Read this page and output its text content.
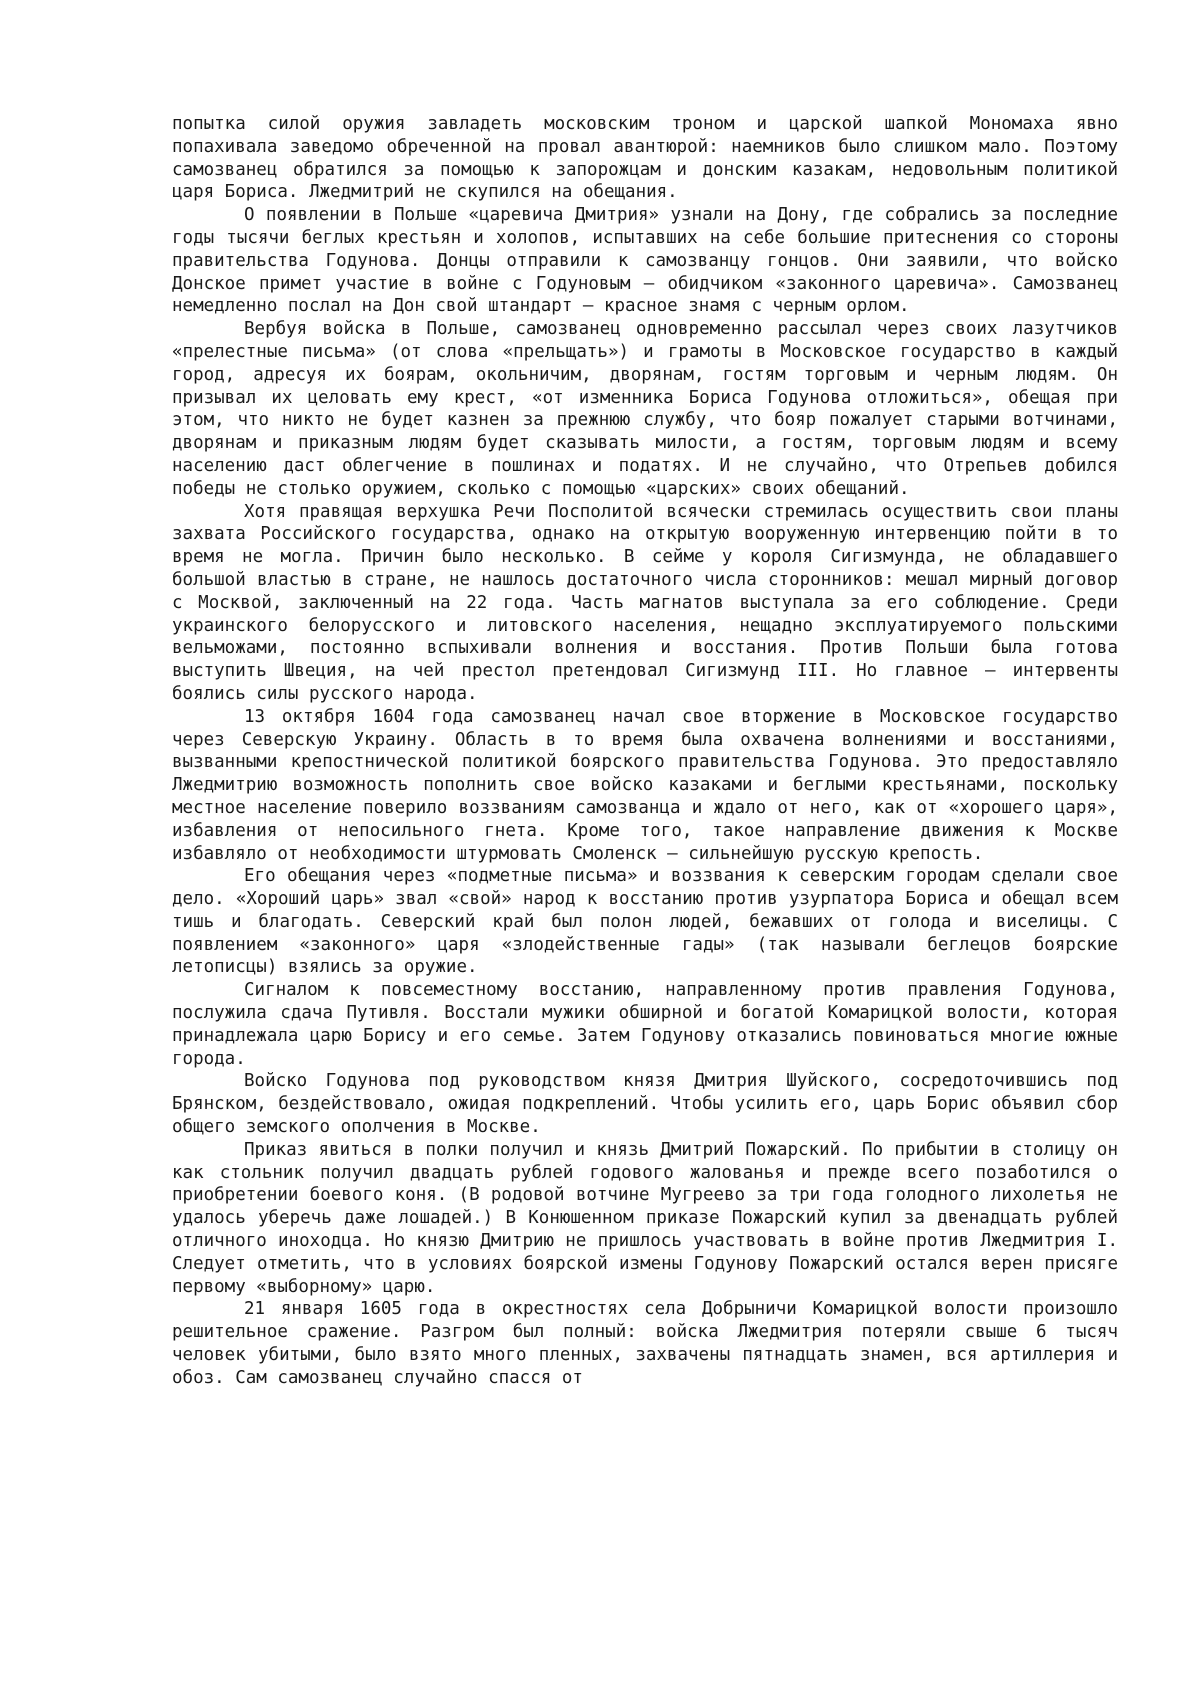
попытка силой оружия завладеть московским троном и царской шапкой Мономаха явно попахивала заведомо обреченной на провал авантюрой: наемников было слишком мало. Поэтому самозванец обратился за помощью к запорожцам и донским казакам, недовольным политикой царя Бориса. Лжедмитрий не скупился на обещания.

О появлении в Польше «царевича Дмитрия» узнали на Дону, где собрались за последние годы тысячи беглых крестьян и холопов, испытавших на себе большие притеснения со стороны правительства Годунова. Донцы отправили к самозванцу гонцов. Они заявили, что войско Донское примет участие в войне с Годуновым — обидчиком «законного царевича». Самозванец немедленно послал на Дон свой штандарт — красное знамя с черным орлом.

Вербуя войска в Польше, самозванец одновременно рассылал через своих лазутчиков «прелестные письма» (от слова «прельщать») и грамоты в Московское государство в каждый город, адресуя их боярам, окольничим, дворянам, гостям торговым и черным людям. Он призывал их целовать ему крест, «от изменника Бориса Годунова отложиться», обещая при этом, что никто не будет казнен за прежнюю службу, что бояр пожалует старыми вотчинами, дворянам и приказным людям будет сказывать милости, а гостям, торговым людям и всему населению даст облегчение в пошлинах и податях. И не случайно, что Отрепьев добился победы не столько оружием, сколько с помощью «царских» своих обещаний.

Хотя правящая верхушка Речи Посполитой всячески стремилась осуществить свои планы захвата Российского государства, однако на открытую вооруженную интервенцию пойти в то время не могла. Причин было несколько. В сейме у короля Сигизмунда, не обладавшего большой властью в стране, не нашлось достаточного числа сторонников: мешал мирный договор с Москвой, заключенный на 22 года. Часть магнатов выступала за его соблюдение. Среди украинского белорусского и литовского населения, нещадно эксплуатируемого польскими вельможами, постоянно вспыхивали волнения и восстания. Против Польши была готова выступить Швеция, на чей престол претендовал Сигизмунд III. Но главное — интервенты боялись силы русского народа.

13 октября 1604 года самозванец начал свое вторжение в Московское государство через Северскую Украину. Область в то время была охвачена волнениями и восстаниями, вызванными крепостнической политикой боярского правительства Годунова. Это предоставляло Лжедмитрию возможность пополнить свое войско казаками и беглыми крестьянами, поскольку местное население поверило воззваниям самозванца и ждало от него, как от «хорошего царя», избавления от непосильного гнета. Кроме того, такое направление движения к Москве избавляло от необходимости штурмовать Смоленск — сильнейшую русскую крепость.

Его обещания через «подметные письма» и воззвания к северским городам сделали свое дело. «Хороший царь» звал «свой» народ к восстанию против узурпатора Бориса и обещал всем тишь и благодать. Северский край был полон людей, бежавших от голода и виселицы. С появлением «законного» царя «злодейственные гады» (так называли беглецов боярские летописцы) взялись за оружие.

Сигналом к повсеместному восстанию, направленному против правления Годунова, послужила сдача Путивля. Восстали мужики обширной и богатой Комарицкой волости, которая принадлежала царю Борису и его семье. Затем Годунову отказались повиноваться многие южные города.

Войско Годунова под руководством князя Дмитрия Шуйского, сосредоточившись под Брянском, бездействовало, ожидая подкреплений. Чтобы усилить его, царь Борис объявил сбор общего земского ополчения в Москве.

Приказ явиться в полки получил и князь Дмитрий Пожарский. По прибытии в столицу он как стольник получил двадцать рублей годового жалованья и прежде всего позаботился о приобретении боевого коня. (В родовой вотчине Мугреево за три года голодного лихолетья не удалось уберечь даже лошадей.) В Конюшенном приказе Пожарский купил за двенадцать рублей отличного иноходца. Но князю Дмитрию не пришлось участвовать в войне против Лжедмитрия I. Следует отметить, что в условиях боярской измены Годунову Пожарский остался верен присяге первому «выборному» царю.

21 января 1605 года в окрестностях села Добрыничи Комарицкой волости произошло решительное сражение. Разгром был полный: войска Лжедмитрия потеряли свыше 6 тысяч человек убитыми, было взято много пленных, захвачены пятнадцать знамен, вся артиллерия и обоз. Сам самозванец случайно спасся от
